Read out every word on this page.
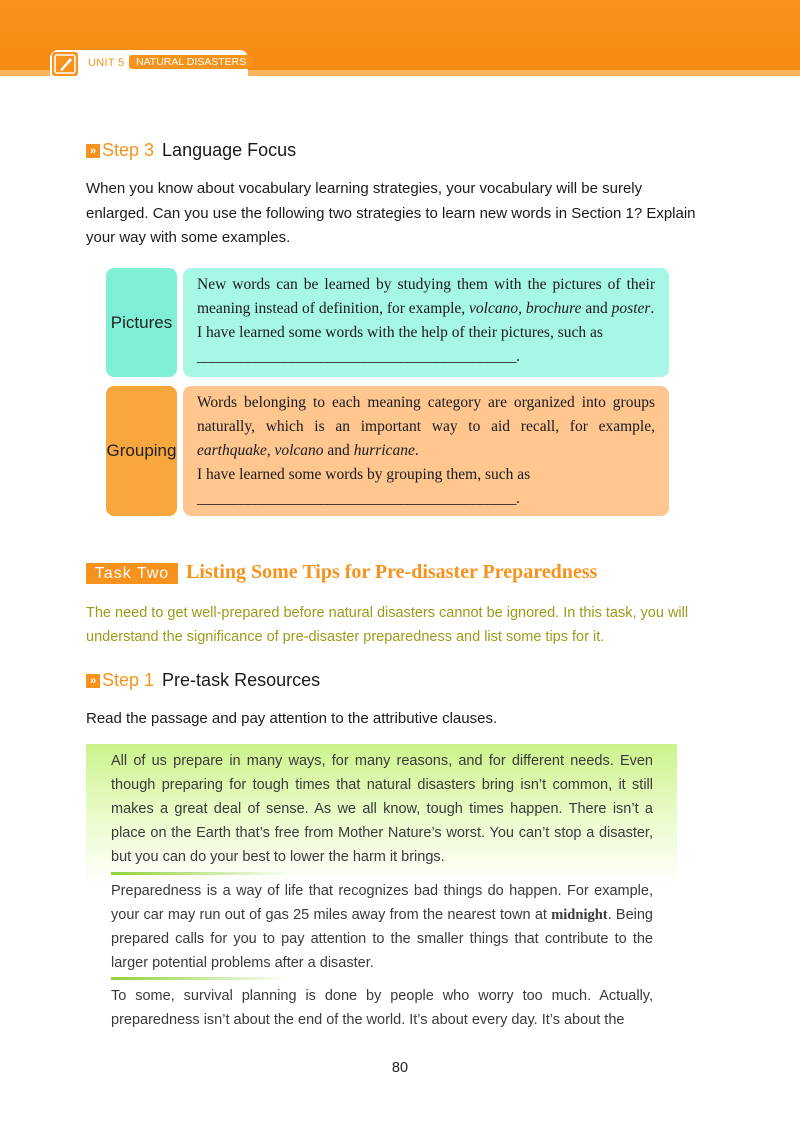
UNIT 5	NATURAL DISASTERS
» Step 3 Language Focus

When you know about vocabulary learning strategies, your vocabulary will be surely enlarged. Can you use the following two strategies to learn new words in Section 1? Explain your way with some examples.

Pictures

New words can be learned by studying them with the pictures of their meaning instead of definition, for example, volcano, brochure and poster.

I have learned some words with the help of their pictures, such as

____________________________________________.

Grouping

Words belonging to each meaning category are organized into groups naturally, which is an important way to aid recall, for example, earthquake, volcano and hurricane.

I have learned some words by grouping them, such as

____________________________________________.

Task Two Listing Some Tips for Pre-disaster Preparedness

The need to get well-prepared before natural disasters cannot be ignored. In this task, you will understand the significance of pre-disaster preparedness and list some tips for it.

» Step 1 Pre-task Resources

Read the passage and pay attention to the attributive clauses.

All of us prepare in many ways, for many reasons, and for different needs. Even though preparing for tough times that natural disasters bring isn’t common, it still makes a great deal of sense. As we all know, tough times happen. There isn’t a place on the Earth that’s free from Mother Nature’s worst. You can’t stop a disaster, but you can do your best to lower the harm it brings.

Preparedness is a way of life that recognizes bad things do happen. For example, your car may run out of gas 25 miles away from the nearest town at midnight. Being prepared calls for you to pay attention to the smaller things that contribute to the larger potential problems after a disaster.

To some, survival planning is done by people who worry too much. Actually, preparedness isn’t about the end of the world. It’s about every day. It’s about the

80
